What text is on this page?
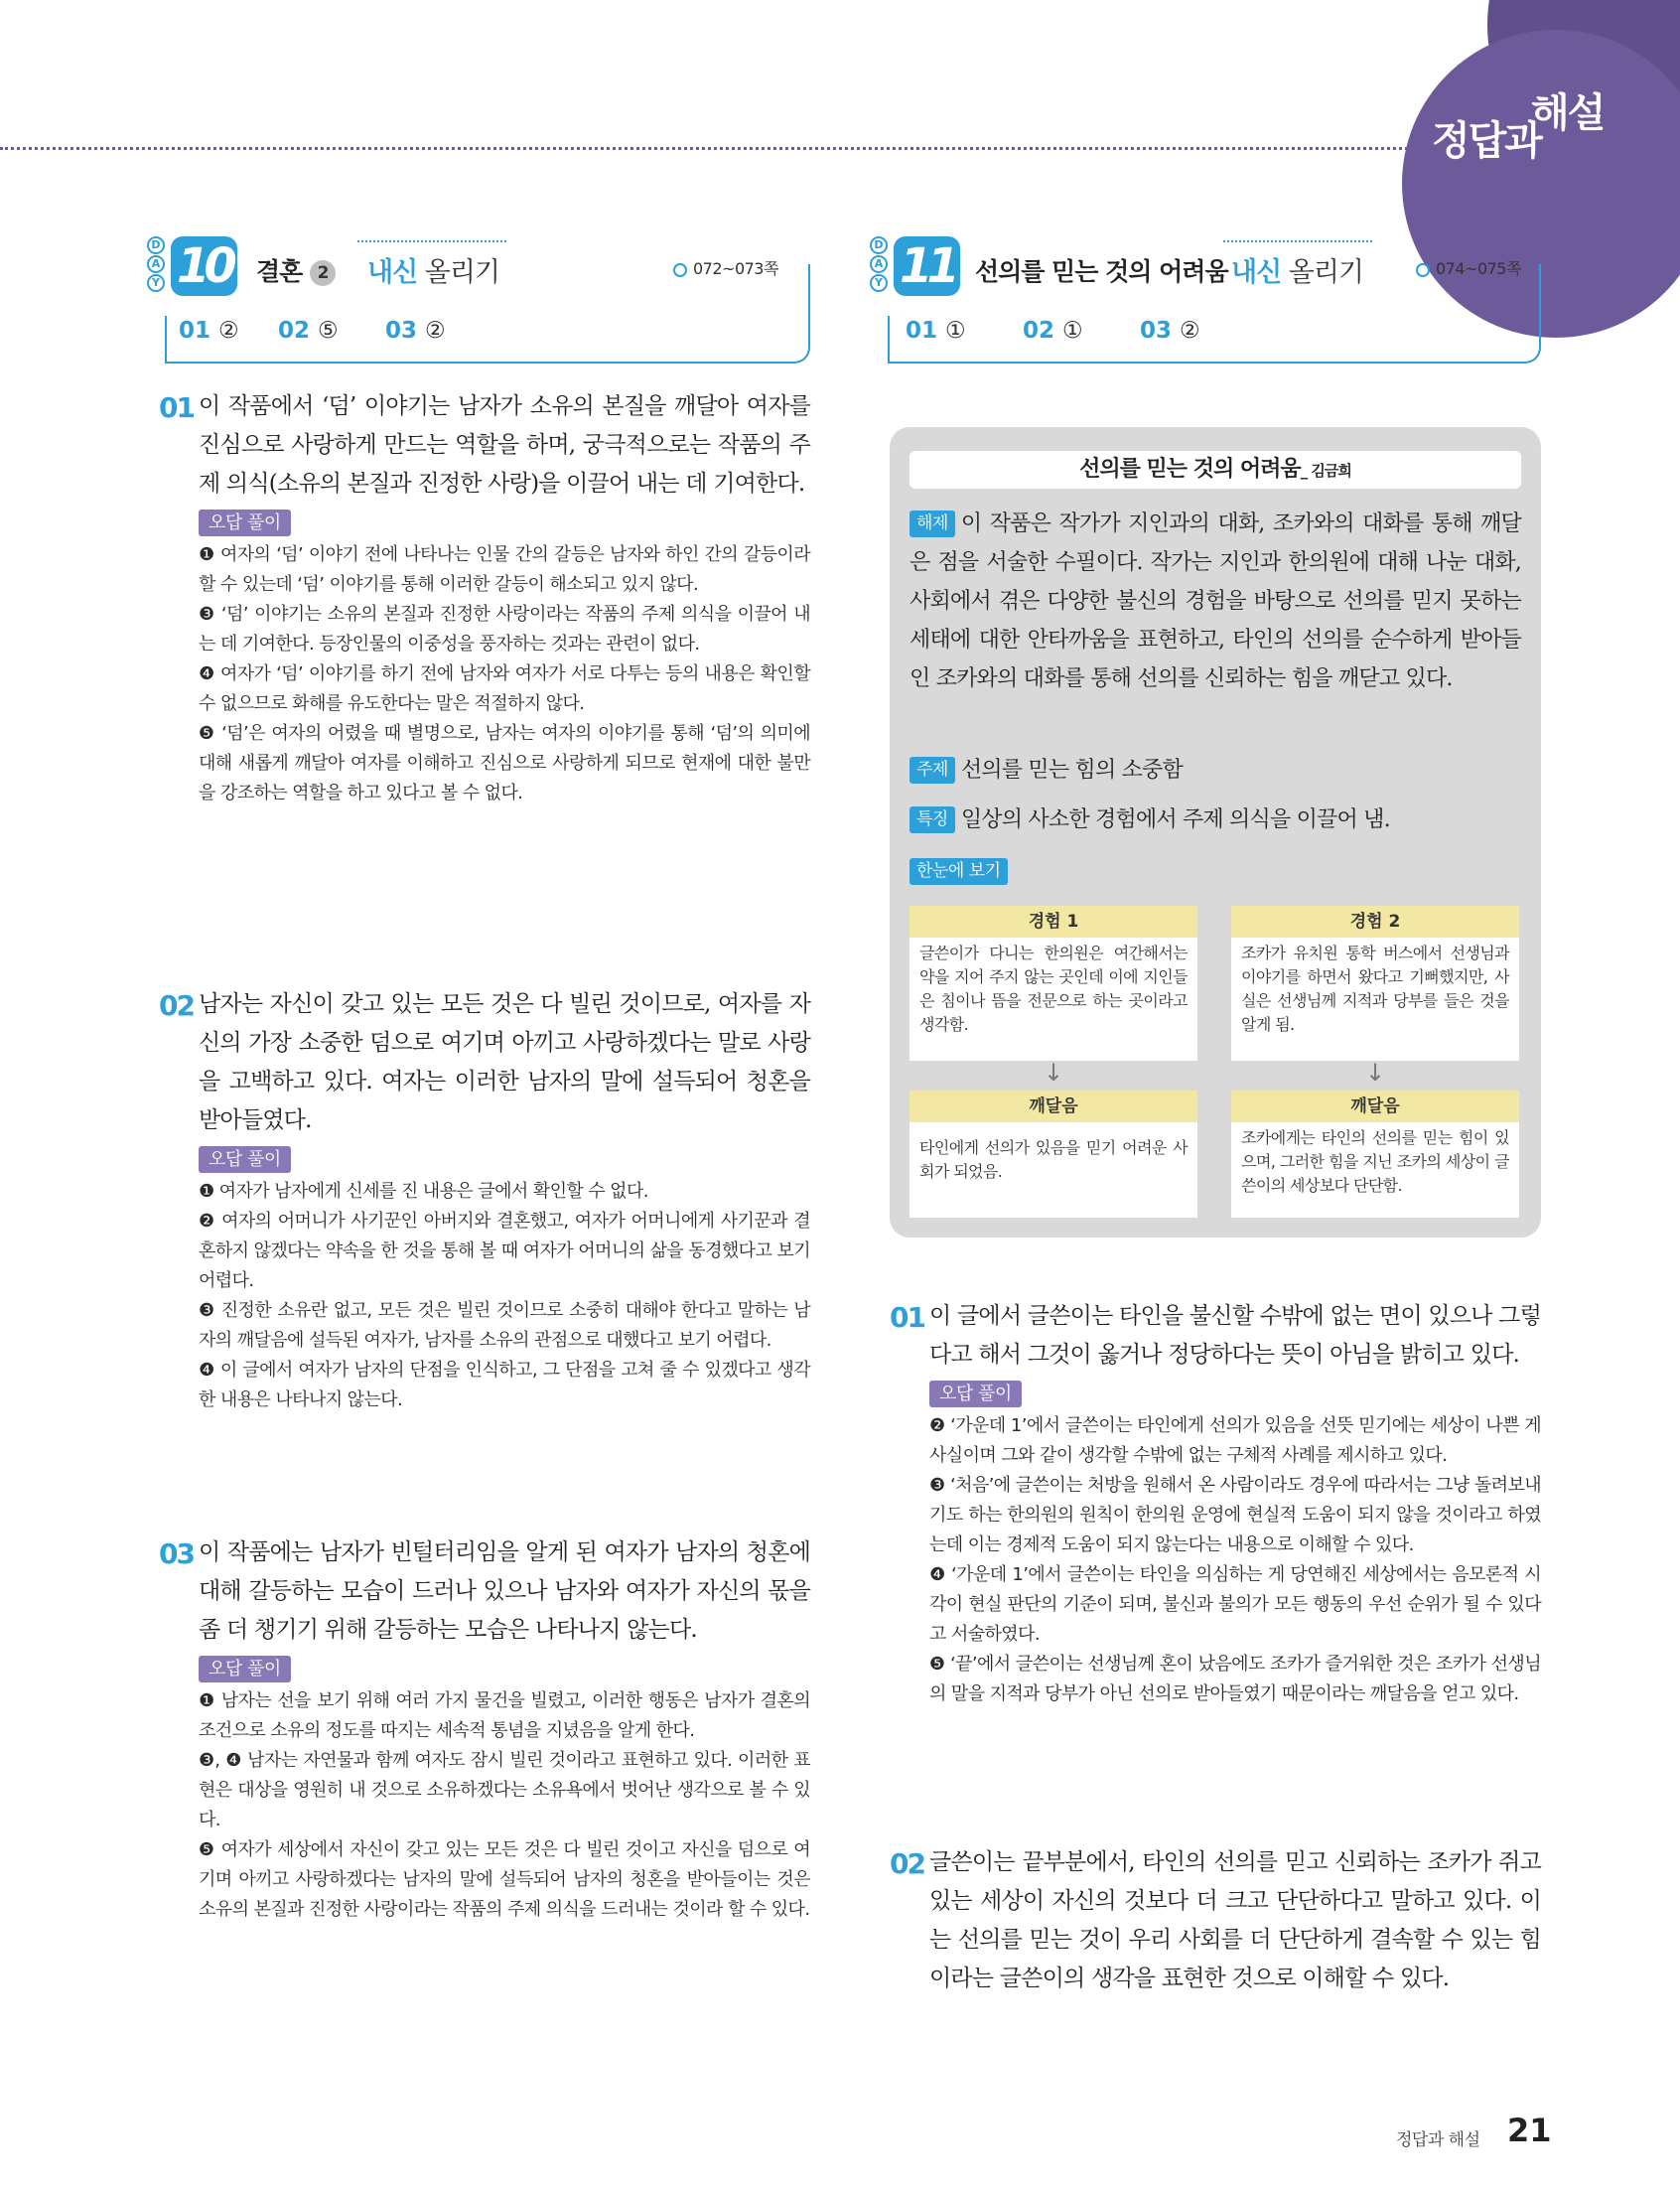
해설
정답과
D
A
Y 10 결혼 2 내신 올리기	072~073쪽
01 ② 02 ⑤ 03 ②
D
A
Y 11 선의를 믿는 것의 어려움 내신 올리기	074~075쪽
01 ① 02 ① 03 ②
01 이 작품에서 ‘덤’ 이야기는 남자가 소유의 본질을 깨달아 여자를 진심으로 사랑하게 만드는 역할을 하며, 궁극적으로는 작품의 주제 의식(소유의 본질과 진정한 사랑)을 이끌어 내는 데 기여한다.
오답 풀이
❶ 여자의 ‘덤’ 이야기 전에 나타나는 인물 간의 갈등은 남자와 하인 간의 갈등이라 할 수 있는데 ‘덤’ 이야기를 통해 이러한 갈등이 해소되고 있지 않다.
❸ ‘덤’ 이야기는 소유의 본질과 진정한 사랑이라는 작품의 주제 의식을 이끌어 내는 데 기여한다. 등장인물의 이중성을 풍자하는 것과는 관련이 없다.
❹ 여자가 ‘덤’ 이야기를 하기 전에 남자와 여자가 서로 다투는 등의 내용은 확인할 수 없으므로 화해를 유도한다는 말은 적절하지 않다.
❺ ‘덤’은 여자의 어렸을 때 별명으로, 남자는 여자의 이야기를 통해 ‘덤’의 의미에 대해 새롭게 깨달아 여자를 이해하고 진심으로 사랑하게 되므로 현재에 대한 불만을 강조하는 역할을 하고 있다고 볼 수 없다.
02 남자는 자신이 갖고 있는 모든 것은 다 빌린 것이므로, 여자를 자신의 가장 소중한 덤으로 여기며 아끼고 사랑하겠다는 말로 사랑을 고백하고 있다. 여자는 이러한 남자의 말에 설득되어 청혼을 받아들였다.
오답 풀이
❶ 여자가 남자에게 신세를 진 내용은 글에서 확인할 수 없다.
❷ 여자의 어머니가 사기꾼인 아버지와 결혼했고, 여자가 어머니에게 사기꾼과 결혼하지 않겠다는 약속을 한 것을 통해 볼 때 여자가 어머니의 삶을 동경했다고 보기 어렵다.
❸ 진정한 소유란 없고, 모든 것은 빌린 것이므로 소중히 대해야 한다고 말하는 남자의 깨달음에 설득된 여자가, 남자를 소유의 관점으로 대했다고 보기 어렵다.
❹ 이 글에서 여자가 남자의 단점을 인식하고, 그 단점을 고쳐 줄 수 있겠다고 생각한 내용은 나타나지 않는다.
03 이 작품에는 남자가 빈털터리임을 알게 된 여자가 남자의 청혼에 대해 갈등하는 모습이 드러나 있으나 남자와 여자가 자신의 몫을 좀 더 챙기기 위해 갈등하는 모습은 나타나지 않는다.
오답 풀이
❶ 남자는 선을 보기 위해 여러 가지 물건을 빌렸고, 이러한 행동은 남자가 결혼의 조건으로 소유의 정도를 따지는 세속적 통념을 지녔음을 알게 한다.
❸, ❹ 남자는 자연물과 함께 여자도 잠시 빌린 것이라고 표현하고 있다. 이러한 표현은 대상을 영원히 내 것으로 소유하겠다는 소유욕에서 벗어난 생각으로 볼 수 있다.
❺ 여자가 세상에서 자신이 갖고 있는 모든 것은 다 빌린 것이고 자신을 덤으로 여기며 아끼고 사랑하겠다는 남자의 말에 설득되어 남자의 청혼을 받아들이는 것은 소유의 본질과 진정한 사랑이라는 작품의 주제 의식을 드러내는 것이라 할 수 있다.
선의를 믿는 것의 어려움_ 김금희
해제 이 작품은 작가가 지인과의 대화, 조카와의 대화를 통해 깨달은 점을 서술한 수필이다. 작가는 지인과 한의원에 대해 나눈 대화, 사회에서 겪은 다양한 불신의 경험을 바탕으로 선의를 믿지 못하는 세태에 대한 안타까움을 표현하고, 타인의 선의를 순수하게 받아들인 조카와의 대화를 통해 선의를 신뢰하는 힘을 깨닫고 있다.
주제 선의를 믿는 힘의 소중함
특징 일상의 사소한 경험에서 주제 의식을 이끌어 냄.
한눈에 보기
경험 1
글쓴이가 다니는 한의원은 여간해서는 약을 지어 주지 않는 곳인데 이에 지인들은 침이나 뜸을 전문으로 하는 곳이라고 생각함.
경험 2
조카가 유치원 통학 버스에서 선생님과 이야기를 하면서 왔다고 기뻐했지만, 사실은 선생님께 지적과 당부를 들은 것을 알게 됨.
↓	↓
깨달음
타인에게 선의가 있음을 믿기 어려운 사회가 되었음.
깨달음
조카에게는 타인의 선의를 믿는 힘이 있으며, 그러한 힘을 지닌 조카의 세상이 글쓴이의 세상보다 단단함.
01 이 글에서 글쓴이는 타인을 불신할 수밖에 없는 면이 있으나 그렇다고 해서 그것이 옳거나 정당하다는 뜻이 아님을 밝히고 있다.
오답 풀이
❷ ‘가운데 1’에서 글쓴이는 타인에게 선의가 있음을 선뜻 믿기에는 세상이 나쁜 게 사실이며 그와 같이 생각할 수밖에 없는 구체적 사례를 제시하고 있다.
❸ ‘처음’에 글쓴이는 처방을 원해서 온 사람이라도 경우에 따라서는 그냥 돌려보내기도 하는 한의원의 원칙이 한의원 운영에 현실적 도움이 되지 않을 것이라고 하였는데 이는 경제적 도움이 되지 않는다는 내용으로 이해할 수 있다.
❹ ‘가운데 1’에서 글쓴이는 타인을 의심하는 게 당연해진 세상에서는 음모론적 시각이 현실 판단의 기준이 되며, 불신과 불의가 모든 행동의 우선 순위가 될 수 있다고 서술하였다.
❺ ‘끝’에서 글쓴이는 선생님께 혼이 났음에도 조카가 즐거워한 것은 조카가 선생님의 말을 지적과 당부가 아닌 선의로 받아들였기 때문이라는 깨달음을 얻고 있다.
02 글쓴이는 끝부분에서, 타인의 선의를 믿고 신뢰하는 조카가 쥐고 있는 세상이 자신의 것보다 더 크고 단단하다고 말하고 있다. 이는 선의를 믿는 것이 우리 사회를 더 단단하게 결속할 수 있는 힘이라는 글쓴이의 생각을 표현한 것으로 이해할 수 있다.
정답과 해설 21
